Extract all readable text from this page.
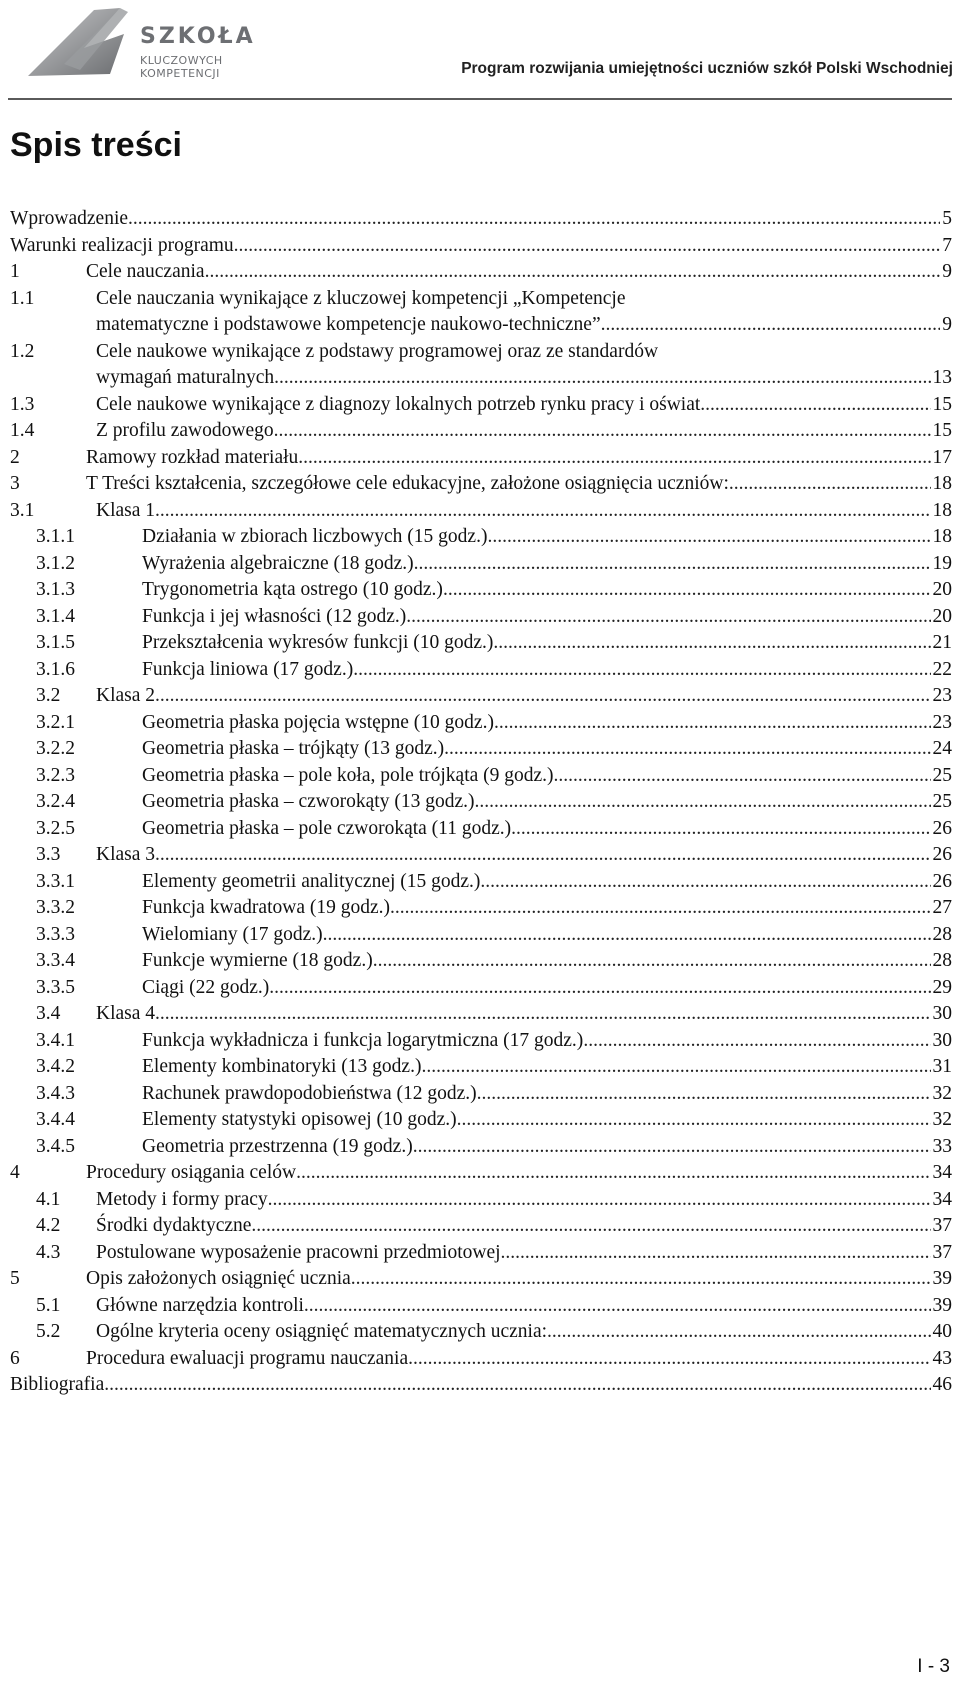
SZKOŁA
KLUCZOWYCH KOMPETENCJI	Program rozwijania umiejętności uczniów szkół Polski Wschodniej
Spis treści
Wprowadzenie .....	5
Warunki realizacji programu .....	7
1	Cele nauczania .....	9
1.1	Cele nauczania wynikające z kluczowej kompetencji „Kompetencje
matematyczne i podstawowe kompetencje naukowo-techniczne” .....	9
1.2	Cele naukowe wynikające z podstawy programowej oraz ze standardów
wymagań maturalnych .....	13
1.3	Cele naukowe wynikające z diagnozy lokalnych potrzeb rynku pracy i oświat .....	15
1.4	Z profilu zawodowego .....	15
2	Ramowy rozkład materiału .....	17
3	T Treści kształcenia, szczegółowe cele edukacyjne, założone osiągnięcia uczniów: .....	18
3.1	Klasa 1 .....	18
3.1.1	Działania w zbiorach liczbowych (15 godz.) .....	18
3.1.2	Wyrażenia algebraiczne (18 godz.) .....	19
3.1.3	Trygonometria kąta ostrego (10 godz.) .....	20
3.1.4	Funkcja i jej własności (12 godz.) .....	20
3.1.5	Przekształcenia wykresów funkcji (10 godz.) .....	21
3.1.6	Funkcja liniowa (17 godz.) .....	22
3.2 Klasa 2 .....	23
3.2.1	Geometria płaska pojęcia wstępne (10 godz.) .....	23
3.2.2	Geometria płaska – trójkąty (13 godz.) .....	24
3.2.3	Geometria płaska – pole koła, pole trójkąta (9 godz.) .....	25
3.2.4	Geometria płaska – czworokąty (13 godz.) .....	25
3.2.5	Geometria płaska – pole czworokąta (11 godz.) .....	26
3.3 Klasa 3 .....	26
3.3.1	Elementy geometrii analitycznej (15 godz.) .....	26
3.3.2	Funkcja kwadratowa (19 godz.) .....	27
3.3.3	Wielomiany (17 godz.) .....	28
3.3.4	Funkcje wymierne (18 godz.) .....	28
3.3.5	Ciągi (22 godz.) .....	29
3.4 Klasa 4 .....	30
3.4.1	Funkcja wykładnicza i funkcja logarytmiczna (17 godz.) .....	30
3.4.2	Elementy kombinatoryki (13 godz.) .....	31
3.4.3	Rachunek prawdopodobieństwa (12 godz.) .....	32
3.4.4	Elementy statystyki opisowej (10 godz.) .....	32
3.4.5	Geometria przestrzenna (19 godz.) .....	33
4	Procedury osiągania celów .....	34
4.1 Metody i formy pracy .....	34
4.2 Środki dydaktyczne .....	37
4.3 Postulowane wyposażenie pracowni przedmiotowej .....	37
5	Opis założonych osiągnięć ucznia .....	39
5.1 Główne narzędzia kontroli .....	39
5.2 Ogólne kryteria oceny osiągnięć matematycznych ucznia: .....	40
6	Procedura ewaluacji programu nauczania .....	43
Bibliografia .....	46
I - 3
